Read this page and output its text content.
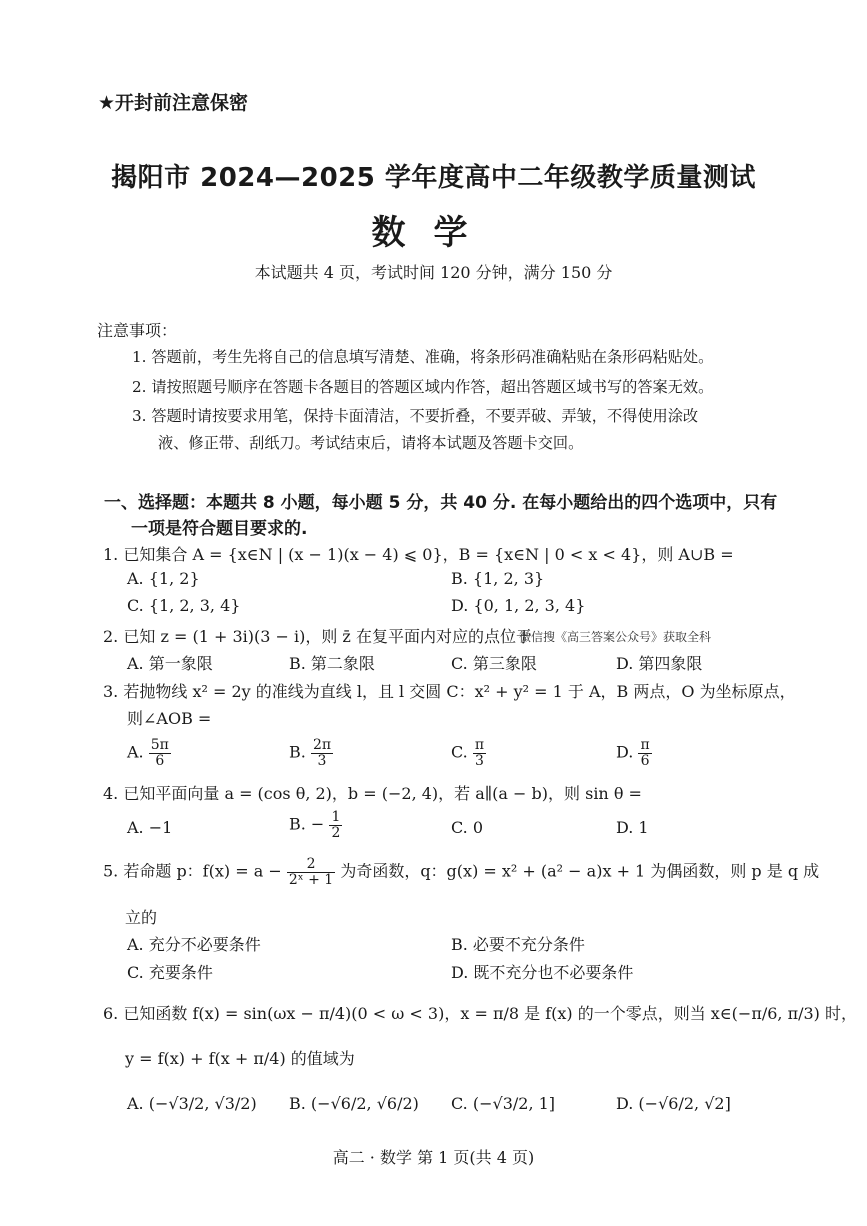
★开封前注意保密
揭阳市 2024—2025 学年度高中二年级教学质量测试
数学
本试题共 4 页，考试时间 120 分钟，满分 150 分
注意事项：
1. 答题前，考生先将自己的信息填写清楚、准确，将条形码准确粘贴在条形码粘贴处。
2. 请按照题号顺序在答题卡各题目的答题区域内作答，超出答题区域书写的答案无效。
3. 答题时请按要求用笔，保持卡面清洁，不要折叠，不要弄破、弄皱，不得使用涂改
液、修正带、刮纸刀。考试结束后，请将本试题及答题卡交回。
一、选择题：本题共 8 小题，每小题 5 分，共 40 分. 在每小题给出的四个选项中，只有
一项是符合题目要求的.
1. 已知集合 A = {x∈N | (x − 1)(x − 4) ⩽ 0}，B = {x∈N | 0 < x < 4}，则 A∪B =
A. {1, 2}	B. {1, 2, 3}
C. {1, 2, 3, 4}	D. {0, 1, 2, 3, 4}
2. 已知 z = (1 + 3i)(3 − i)，则 z̄ 在复平面内对应的点位于
微信搜《高三答案公众号》获取全科
A. 第一象限	B. 第二象限	C. 第三象限	D. 第四象限
3. 若抛物线 x² = 2y 的准线为直线 l，且 l 交圆 C：x² + y² = 1 于 A，B 两点，O 为坐标原点，
则∠AOB =
A. $\frac{5\pi}{6}$	B. $\frac{2\pi}{3}$	C. $\frac{\pi}{3}$	D. $\frac{\pi}{6}$
4. 已知平面向量 a = (cos θ, 2)，b = (−2, 4)，若 a∥(a − b)，则 sin θ =
A. −1	B. − $\frac{1}{2}$	C. 0	D. 1
5. 若命题 p：$f(x) = a - \frac{2}{\text{2ˣ + 1}}$ 为奇函数，q：g(x) = x² + (a² − a)x + 1 为偶函数，则 p 是 q 成
立的
A. 充分不必要条件	B. 必要不充分条件
C. 充要条件	D. 既不充分也不必要条件
6. 已知函数 f(x) = sin(ωx − π/4)(0 < ω < 3)，x = π/8 是 f(x) 的一个零点，则当 x∈(−π/6, π/3) 时，
y = f(x) + f(x + π/4) 的值域为
A. (−√3/2, √3/2) B. (−√6/2, √6/2) C. (−√3/2, 1]	D. (−√6/2, √2]
高二 · 数学 第 1 页(共 4 页)
